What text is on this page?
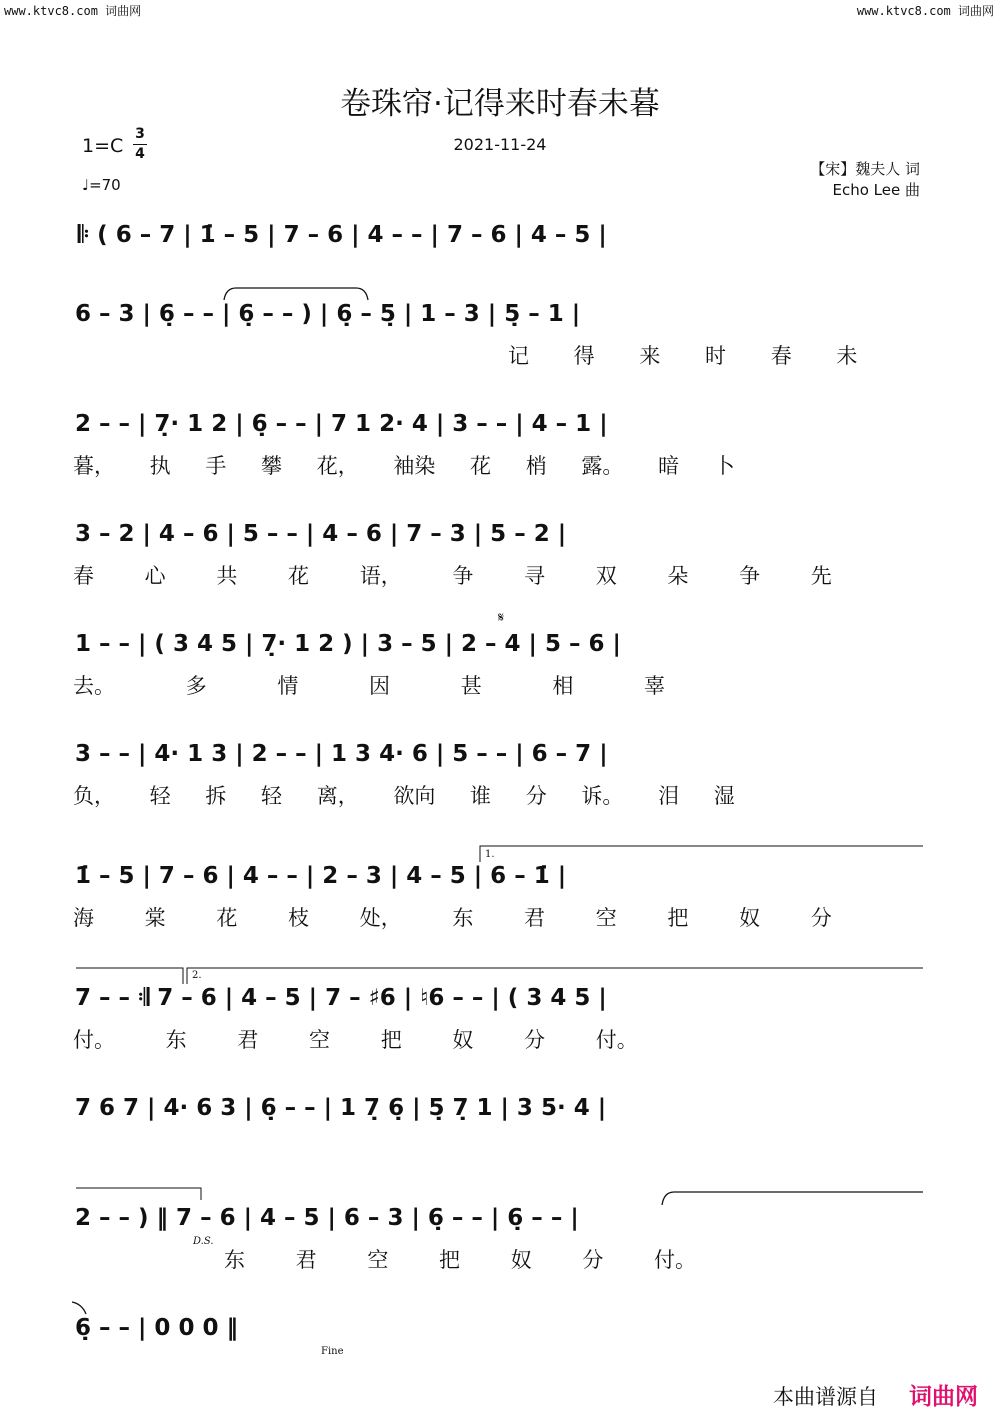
www.ktvc8.com 词曲网	www.ktvc8.com 词曲网
卷珠帘·记得来时春未暮
2021-11-24
1=C
3
4
♩=70
【宋】魏夫人 词
Echo Lee 曲
𝄆 ( 6 – 7 | 1̇ – 5 | 7 – 6 | 4 – – | 7 – 6 | 4 – 5 |
6 – 3 | 6̣ – – | 6̣ – – ) | 6̣ – 5̣ | 1 – 3 | 5̣ – 1 |
记 得 来 时 春 未
2 – – | 7̣· 1 2 | 6̣ – – | 7 1 2· 4 | 3 – – | 4 – 1 |
暮， 执 手 攀 花， 袖染 花 梢 露。 暗 卜
3 – 2 | 4 – 6 | 5 – – | 4 – 6 | 7 – 3 | 5 – 2 |
春 心 共 花 语， 争 寻 双 朵 争 先
1 – – | ( 3 4 5 | 7̣· 1 2 ) | 3 – 5 | 2 – 4 | 5 – 6 |
去。 多 情 因 甚 相 辜
𝄋
3 – – | 4· 1 3 | 2 – – | 1 3 4· 6 | 5 – – | 6 – 7 |
负， 轻 拆 轻 离， 欲向 谁 分 诉。 泪 湿
1̇ – 5 | 7 – 6 | 4 – – | 2 – 3 | 4 – 5 | 6 – 1̇ |
海 棠 花 枝 处， 东 君 空 把 奴 分
1.
7 – – 𝄇 7 – 6 | 4 – 5 | 7 – ♯6 | ♮6 – – | ( 3 4 5 |
付。 东 君 空 把 奴 分 付。
2.
7 6 7 | 4· 6 3 | 6̣ – – | 1 7̣ 6̣ | 5̣ 7̣ 1 | 3 5· 4 |
2 – – ) ‖ 7 – 6 | 4 – 5 | 6 – 3 | 6̣ – – | 6̣ – – |
东 君 空 把 奴 分 付。
D.S.
6̣ – – | 0 0 0 ‖
Fine
本曲谱源自 词曲网
